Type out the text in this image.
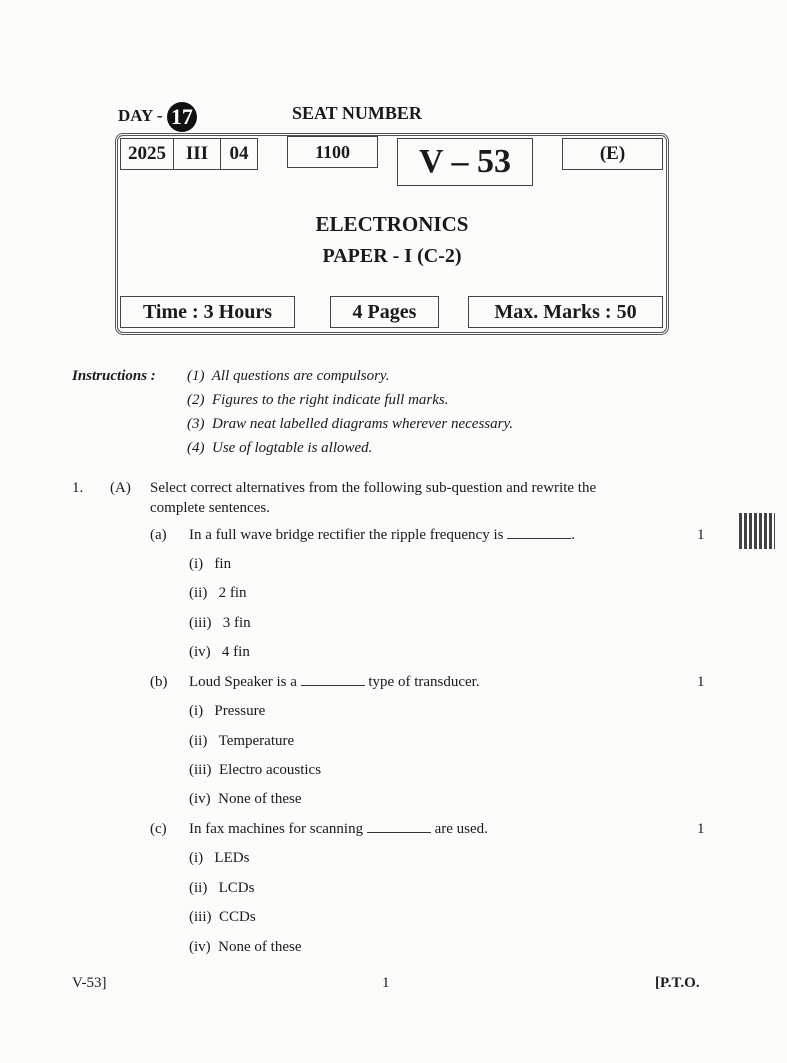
DAY - 17	SEAT NUMBER
2025	III	04	1100	V – 53	(E)
ELECTRONICS
PAPER - I (C-2)
Time : 3 Hours	4 Pages	Max. Marks : 50
Instructions : (1) All questions are compulsory.
(2) Figures to the right indicate full marks.
(3) Draw neat labelled diagrams wherever necessary.
(4) Use of logtable is allowed.
1. (A) Select correct alternatives from the following sub-question and rewrite the
complete sentences.
(a) In a full wave bridge rectifier the ripple frequency is	.	1
(i) fin
(ii) 2 fin
(iii) 3 fin
(iv) 4 fin
(b) Loud Speaker is a	type of transducer.	1
(i) Pressure
(ii) Temperature
(iii) Electro acoustics
(iv) None of these
(c) In fax machines for scanning	are used.	1
(i) LEDs
(ii) LCDs
(iii) CCDs
(iv) None of these
V-53]	1	[P.T.O.
